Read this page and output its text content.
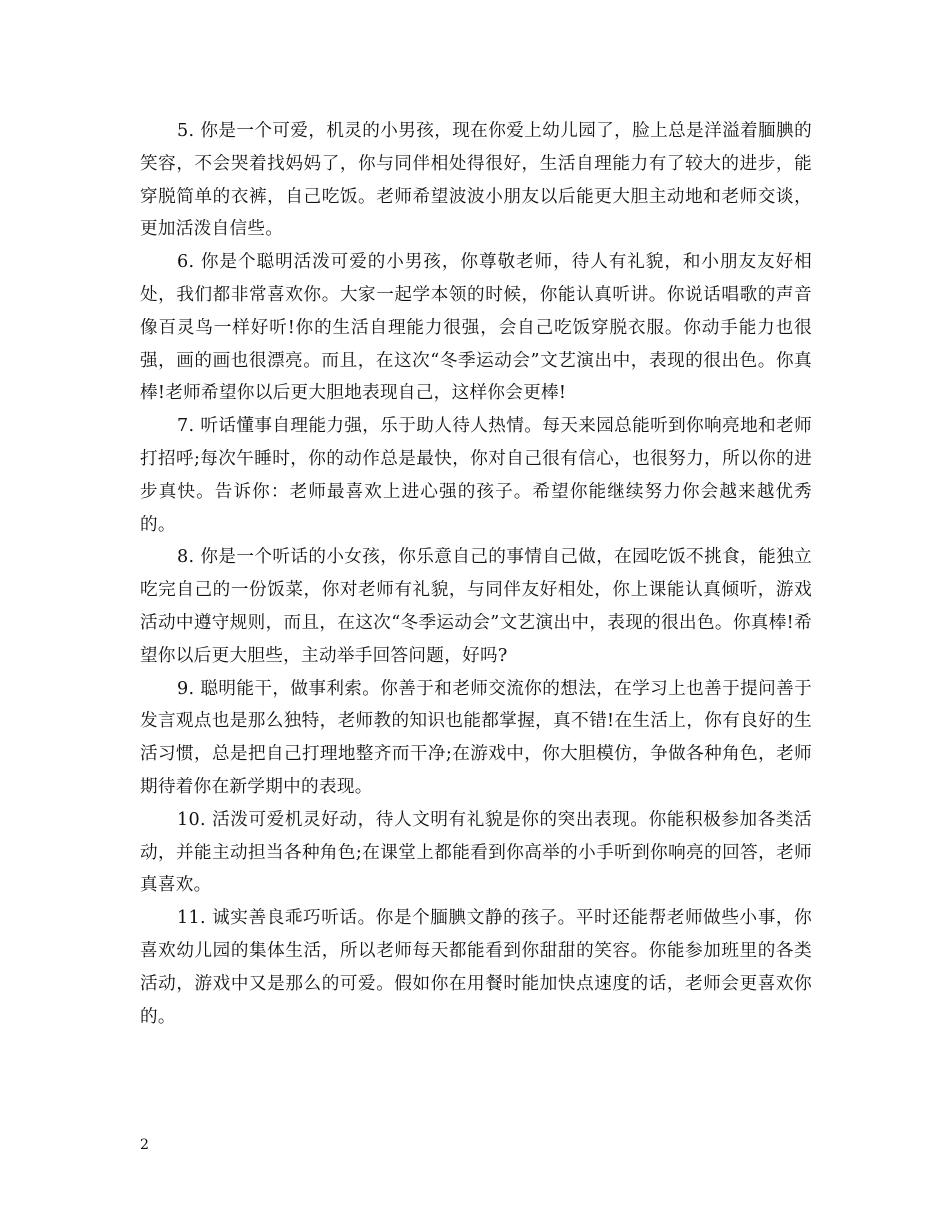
5. 你是一个可爱，机灵的小男孩，现在你爱上幼儿园了，脸上总是洋溢着腼腆的笑容，不会哭着找妈妈了，你与同伴相处得很好，生活自理能力有了较大的进步，能穿脱简单的衣裤，自己吃饭。老师希望波波小朋友以后能更大胆主动地和老师交谈，更加活泼自信些。

6. 你是个聪明活泼可爱的小男孩，你尊敬老师，待人有礼貌，和小朋友友好相处，我们都非常喜欢你。大家一起学本领的时候，你能认真听讲。你说话唱歌的声音像百灵鸟一样好听!你的生活自理能力很强，会自己吃饭穿脱衣服。你动手能力也很强，画的画也很漂亮。而且，在这次“冬季运动会”文艺演出中，表现的很出色。你真棒!老师希望你以后更大胆地表现自己，这样你会更棒!

7. 听话懂事自理能力强，乐于助人待人热情。每天来园总能听到你响亮地和老师打招呼;每次午睡时，你的动作总是最快，你对自己很有信心，也很努力，所以你的进步真快。告诉你：老师最喜欢上进心强的孩子。希望你能继续努力你会越来越优秀的。

8. 你是一个听话的小女孩，你乐意自己的事情自己做，在园吃饭不挑食，能独立吃完自己的一份饭菜，你对老师有礼貌，与同伴友好相处，你上课能认真倾听，游戏活动中遵守规则，而且，在这次“冬季运动会”文艺演出中，表现的很出色。你真棒!希望你以后更大胆些，主动举手回答问题，好吗?

9. 聪明能干，做事利索。你善于和老师交流你的想法，在学习上也善于提问善于发言观点也是那么独特，老师教的知识也能都掌握，真不错!在生活上，你有良好的生活习惯，总是把自己打理地整齐而干净;在游戏中，你大胆模仿，争做各种角色，老师期待着你在新学期中的表现。

10. 活泼可爱机灵好动，待人文明有礼貌是你的突出表现。你能积极参加各类活动，并能主动担当各种角色;在课堂上都能看到你高举的小手听到你响亮的回答，老师真喜欢。

11. 诚实善良乖巧听话。你是个腼腆文静的孩子。平时还能帮老师做些小事，你喜欢幼儿园的集体生活，所以老师每天都能看到你甜甜的笑容。你能参加班里的各类活动，游戏中又是那么的可爱。假如你在用餐时能加快点速度的话，老师会更喜欢你的。

2
